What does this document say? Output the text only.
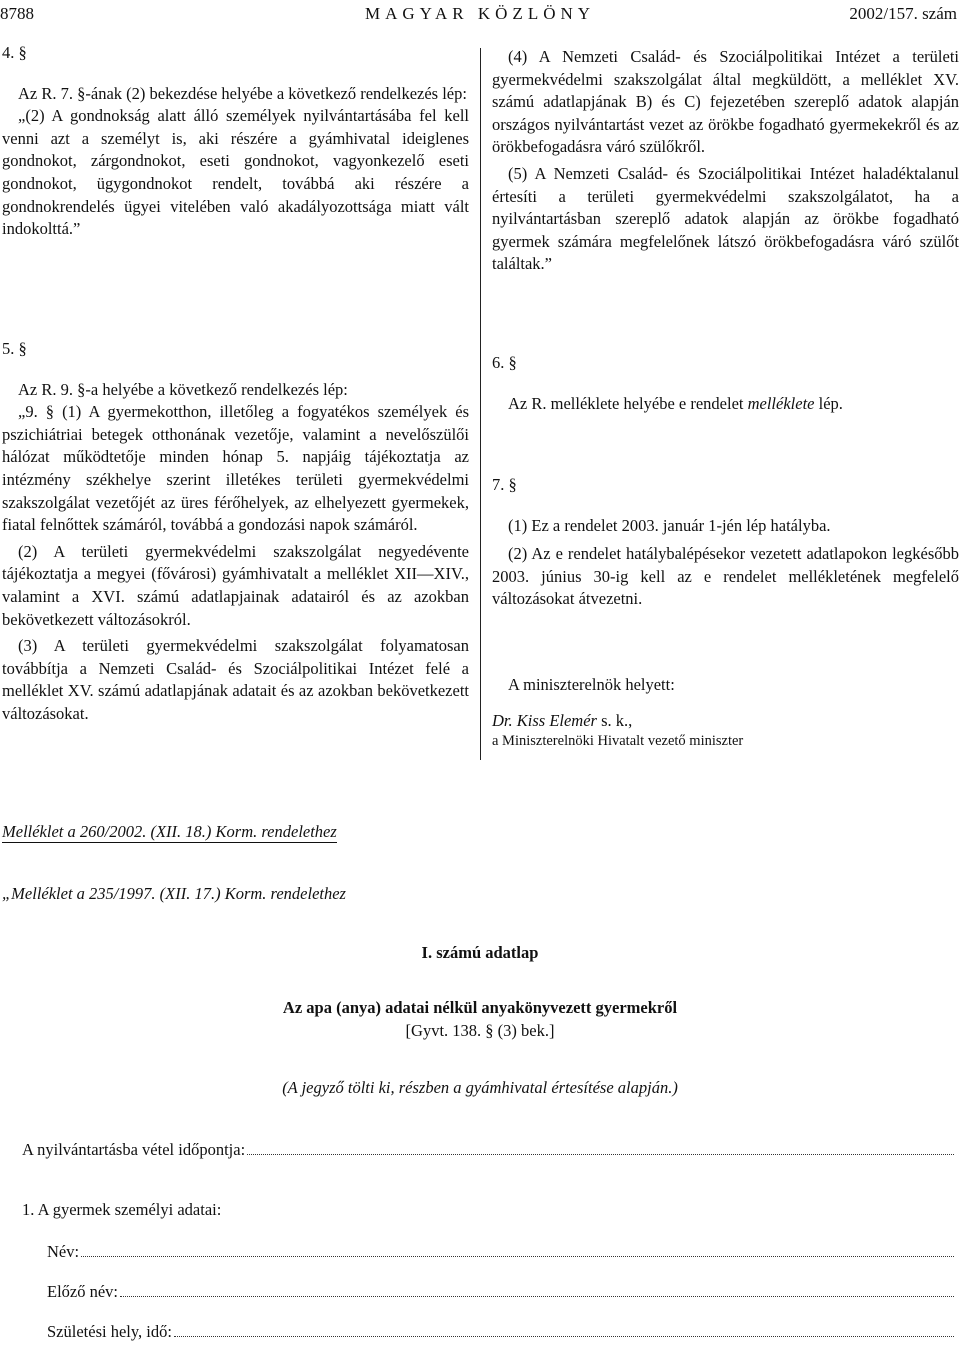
8788	MAGYAR KÖZLÖNY	2002/157. szám

4. §

Az R. 7. §-ának (2) bekezdése helyébe a következő rendelkezés lép:

„(2) A gondnokság alatt álló személyek nyilvántartásába fel kell venni azt a személyt is, aki részére a gyámhivatal ideiglenes gondnokot, zárgondnokot, eseti gondnokot, vagyonkezelő eseti gondnokot, ügygondnokot rendelt, továbbá aki részére a gondnokrendelés ügyei vitelében való akadályozottsága miatt vált indokolttá.”

5. §

Az R. 9. §-a helyébe a következő rendelkezés lép:

„9. § (1) A gyermekotthon, illetőleg a fogyatékos személyek és pszichiátriai betegek otthonának vezetője, valamint a nevelőszülői hálózat működtetője minden hónap 5. napjáig tájékoztatja az intézmény székhelye szerint illetékes területi gyermekvédelmi szakszolgálat vezetőjét az üres férőhelyek, az elhelyezett gyermekek, fiatal felnőttek számáról, továbbá a gondozási napok számáról.

(2) A területi gyermekvédelmi szakszolgálat negyedévente tájékoztatja a megyei (fővárosi) gyámhivatalt a melléklet XII—XIV., valamint a XVI. számú adatlapjainak adatairól és az azokban bekövetkezett változásokról.

(3) A területi gyermekvédelmi szakszolgálat folyamatosan továbbítja a Nemzeti Család- és Szociálpolitikai Intézet felé a melléklet XV. számú adatlapjának adatait és az azokban bekövetkezett változásokat.

(4) A Nemzeti Család- és Szociálpolitikai Intézet a területi gyermekvédelmi szakszolgálat által megküldött, a melléklet XV. számú adatlapjának B) és C) fejezetében szereplő adatok alapján országos nyilvántartást vezet az örökbe fogadható gyermekekről és az örökbefogadásra váró szülőkről.

(5) A Nemzeti Család- és Szociálpolitikai Intézet haladéktalanul értesíti a területi gyermekvédelmi szakszolgálatot, ha a nyilvántartásban szereplő adatok alapján az örökbe fogadható gyermek számára megfelelőnek látszó örökbefogadásra váró szülőt találtak.”

6. §

Az R. melléklete helyébe e rendelet melléklete lép.

7. §

(1) Ez a rendelet 2003. január 1-jén lép hatályba.

(2) Az e rendelet hatálybalépésekor vezetett adatlapokon legkésőbb 2003. június 30-ig kell az e rendelet mellékletének megfelelő változásokat átvezetni.

A miniszterelnök helyett:

Dr. Kiss Elemér s. k.,

a Miniszterelnöki Hivatalt vezető miniszter

Melléklet a 260/2002. (XII. 18.) Korm. rendelethez
„Melléklet a 235/1997. (XII. 17.) Korm. rendelethez
I. számú adatlap
Az apa (anya) adatai nélkül anyakönyvezett gyermekről
[Gyvt. 138. § (3) bek.]
(A jegyző tölti ki, részben a gyámhivatal értesítése alapján.)
A nyilvántartásba vétel időpontja:
1. A gyermek személyi adatai:
Név:
Előző név:
Születési hely, idő:
